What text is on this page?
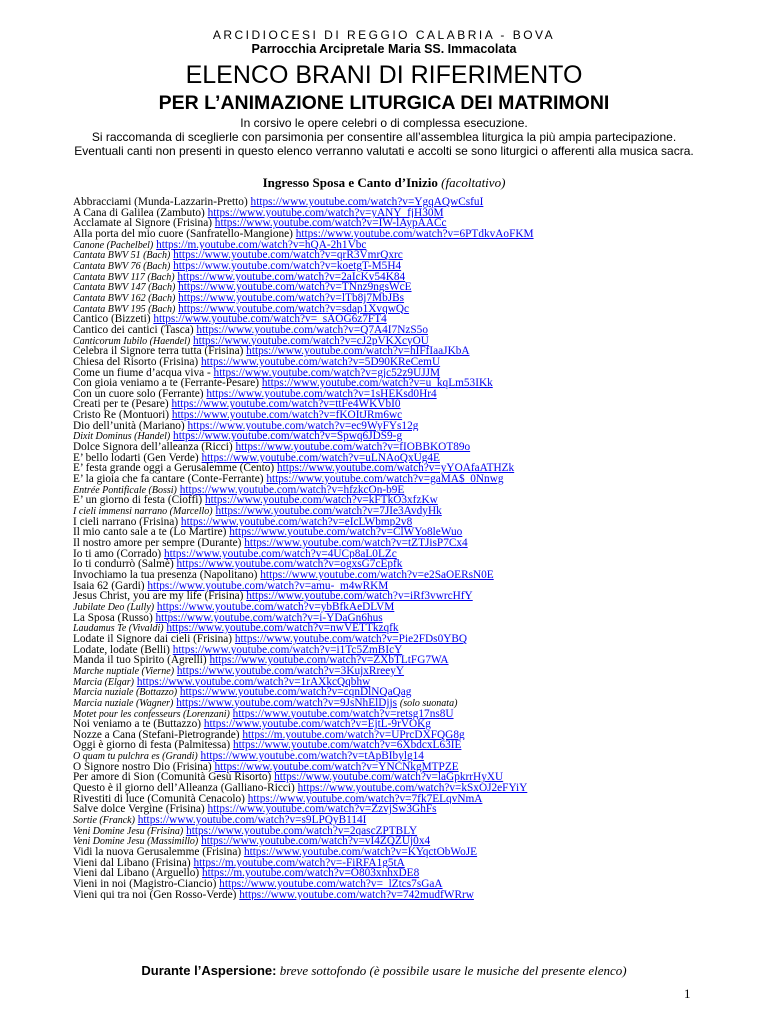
ARCIDIOCESI DI REGGIO CALABRIA - BOVA
Parrocchia Arcipretale Maria SS. Immacolata
ELENCO BRANI DI RIFERIMENTO
PER L’ANIMAZIONE LITURGICA DEI MATRIMONI
In corsivo le opere celebri o di complessa esecuzione.
Si raccomanda di sceglierle con parsimonia per consentire all’assemblea liturgica la più ampia partecipazione.
Eventuali canti non presenti in questo elenco verranno valutati e accolti se sono liturgici o afferenti alla musica sacra.
Ingresso Sposa e Canto d’Inizio (facoltativo)
Abbracciami (Munda-Lazzarin-Pretto) https://www.youtube.com/watch?v=YgqAQwCsfuI
A Cana di Galilea (Zambuto) https://www.youtube.com/watch?v=yANY_fjH30M
Acclamate al Signore (Frisina) https://www.youtube.com/watch?v=IW-lAypAACc
Alla porta del mio cuore (Sanfratello-Mangione) https://www.youtube.com/watch?v=6PTdkvAoFKM
Canone (Pachelbel) https://m.youtube.com/watch?v=hQA-2h1Vbc
Cantata BWV 51 (Bach) https://www.youtube.com/watch?v=qrR3VmrQxrc
Cantata BWV 76 (Bach) https://www.youtube.com/watch?v=koetgT-M5H4
Cantata BWV 117 (Bach) https://www.youtube.com/watch?v=2aIcKv54K84
Cantata BWV 147 (Bach) https://www.youtube.com/watch?v=TNnz9ngsWcE
Cantata BWV 162 (Bach) https://www.youtube.com/watch?v=lTb8j7MbJBs
Cantata BWV 195 (Bach) https://www.youtube.com/watch?v=sdap1XvqwQc
Cantico (Bizzeti) https://www.youtube.com/watch?v=_sAOG6z7FT4
Cantico dei cantici (Tasca) https://www.youtube.com/watch?v=Q7A4I7NzS5o
Canticorum Iubilo (Haendel) https://www.youtube.com/watch?v=cJ2pVKXcyOU
Celebra il Signore terra tutta (Frisina) https://www.youtube.com/watch?v=hIFfIaaJKbA
Chiesa del Risorto (Frisina) https://www.youtube.com/watch?v=5D90KReCemU
Come un fiume d’acqua viva - https://www.youtube.com/watch?v=gjc52z9UJJM
Con gioia veniamo a te (Ferrante-Pesare) https://www.youtube.com/watch?v=u_kqLm53IKk
Con un cuore solo (Ferrante) https://www.youtube.com/watch?v=1sHEKsd0Hr4
Creati per te (Pesare) https://www.youtube.com/watch?v=ttFe4WKVbI0
Cristo Re (Montuori) https://www.youtube.com/watch?v=fKOItJRm6wc
Dio dell’unità (Mariano) https://www.youtube.com/watch?v=ec9WyFYs12g
Dixit Dominus (Handel) https://www.youtube.com/watch?v=Spwq6JDS9-g
Dolce Signora dell’alleanza (Ricci) https://www.youtube.com/watch?v=fIOBBKOT89o
E’ bello lodarti (Gen Verde) https://www.youtube.com/watch?v=uLNAoQxUg4E
E’ festa grande oggi a Gerusalemme (Cento) https://www.youtube.com/watch?v=yYOAfaATHZk
E’ la gioia che fa cantare (Conte-Ferrante) https://www.youtube.com/watch?v=gaMA$_0Nnwg
Entrée Pontificale (Bossi) https://www.youtube.com/watch?v=hfzkcOn-b9E
E’ un giorno di festa (Cioffi) https://www.youtube.com/watch?v=kFTkO3xfzKw
I cieli immensi narrano (Marcello) https://www.youtube.com/watch?v=7JIe3AvdyHk
I cieli narrano (Frisina) https://www.youtube.com/watch?v=eIcLWbmp2v8
Il mio canto sale a te (Lo Martire) https://www.youtube.com/watch?v=ClWYo8leWuo
Il nostro amore per sempre (Durante) https://www.youtube.com/watch?v=tZTJisP7Cx4
Io ti amo (Corrado) https://www.youtube.com/watch?v=4UCp8aL0LZc
Io ti condurrò (Salmè) https://www.youtube.com/watch?v=ogxsG7cEpfk
Invochiamo la tua presenza (Napolitano) https://www.youtube.com/watch?v=e2SaOERsN0E
Isaia 62 (Gardi) https://www.youtube.com/watch?v=amu-_m4wRKM
Jesus Christ, you are my life (Frisina) https://www.youtube.com/watch?v=iRf3vwrcHfY
Jubilate Deo (Lully) https://www.youtube.com/watch?v=ybBfkAeDLVM
La Sposa (Russo) https://www.youtube.com/watch?v=i-YDaGn6hus
Laudamus Te (Vivaldi) https://www.youtube.com/watch?v=nwVETTkzqfk
Lodate il Signore dai cieli (Frisina) https://www.youtube.com/watch?v=Pie2FDs0YBQ
Lodate, lodate (Belli) https://www.youtube.com/watch?v=i1Tc5ZmBIcY
Manda il tuo Spirito (Agrelli) https://www.youtube.com/watch?v=ZXbTLtFG7WA
Marche nuptiale (Vierne) https://www.youtube.com/watch?v=3KujxRreeyY
Marcia (Elgar) https://www.youtube.com/watch?v=1rAXkcQqbhw
Marcia nuziale (Bottazzo) https://www.youtube.com/watch?v=cqnDlNQaQag
Marcia nuziale (Wagner) https://www.youtube.com/watch?v=9JsNhElDjjs (solo suonata)
Motet pour les confesseurs (Lorenzani) https://www.youtube.com/watch?v=retsg17ns8U
Noi veniamo a te (Buttazzo) https://www.youtube.com/watch?v=EjtL-9rVOKg
Nozze a Cana (Stefani-Pietrogrande) https://m.youtube.com/watch?v=UPrcDXFQG8g
Oggi è giorno di festa (Palmitessa) https://www.youtube.com/watch?v=6XbdcxL63IE
O quam tu pulchra es (Grandi) https://www.youtube.com/watch?v=tApBIbylg14
O Signore nostro Dio (Frisina) https://www.youtube.com/watch?v=YNCNkgMTPZE
Per amore di Sion (Comunità Gesù Risorto) https://www.youtube.com/watch?v=laGpkrrHyXU
Questo è il giorno dell’Alleanza (Galliano-Ricci) https://www.youtube.com/watch?v=kSxOJ2eFYiY
Rivestiti di luce (Comunità Cenacolo) https://www.youtube.com/watch?v=7fk7ELqvNmA
Salve dolce Vergine (Frisina) https://www.youtube.com/watch?v=ZzvjSw3GhFs
Sortie (Franck) https://www.youtube.com/watch?v=s9LPQyB114I
Veni Domine Jesu (Frisina) https://www.youtube.com/watch?v=2qascZPTBLY
Veni Domine Jesu (Massimillo) https://www.youtube.com/watch?v=vI4ZQZUj0x4
Vidi la nuova Gerusalemme (Frisina) https://www.youtube.com/watch?v=KYqctObWoJE
Vieni dal Libano (Frisina) https://m.youtube.com/watch?v=-FiRFA1g5tA
Vieni dal Libano (Arguello) https://m.youtube.com/watch?v=O803xnhxDE8
Vieni in noi (Magistro-Ciancio) https://www.youtube.com/watch?v=_lZtcs7sGaA
Vieni qui tra noi (Gen Rosso-Verde) https://www.youtube.com/watch?v=742mudfWRrw
Durante l’Aspersione: breve sottofondo (è possibile usare le musiche del presente elenco)
1
